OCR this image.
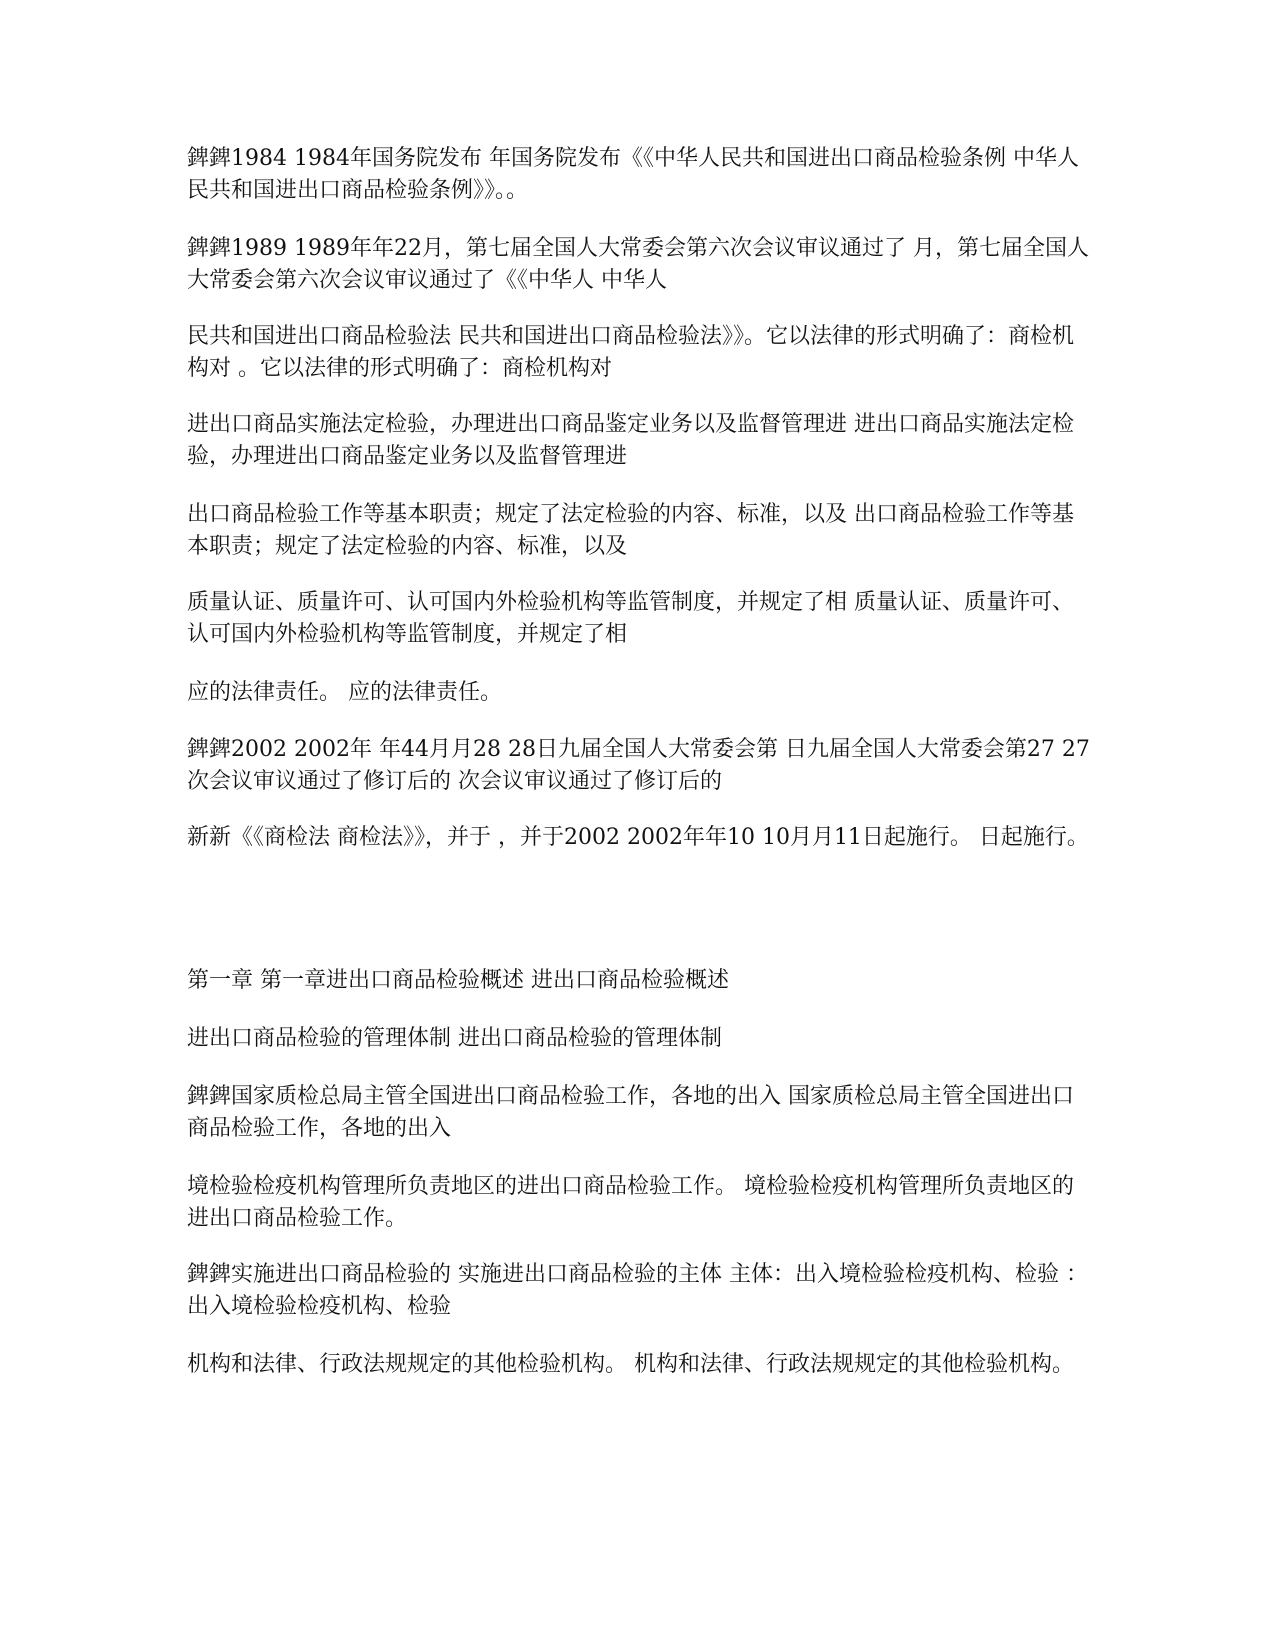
錍錍1984 1984年国务院发布 年国务院发布《《中华人民共和国进出口商品检验条例 中华人民共和国进出口商品检验条例》》。。

錍錍1989 1989年年22月，第七届全国人大常委会第六次会议审议通过了 月，第七届全国人大常委会第六次会议审议通过了《《中华人 中华人

民共和国进出口商品检验法 民共和国进出口商品检验法》》。它以法律的形式明确了：商检机构对 。它以法律的形式明确了：商检机构对

进出口商品实施法定检验，办理进出口商品鉴定业务以及监督管理进 进出口商品实施法定检验，办理进出口商品鉴定业务以及监督管理进

出口商品检验工作等基本职责；规定了法定检验的内容、标准，以及 出口商品检验工作等基本职责；规定了法定检验的内容、标准，以及

质量认证、质量许可、认可国内外检验机构等监管制度，并规定了相 质量认证、质量许可、认可国内外检验机构等监管制度，并规定了相

应的法律责任。 应的法律责任。

錍錍2002 2002年 年44月月28 28日九届全国人大常委会第 日九届全国人大常委会第27 27次会议审议通过了修订后的 次会议审议通过了修订后的

新新《《商检法 商检法》》，并于 ，并于2002 2002年年10 10月月11日起施行。 日起施行。

第一章 第一章进出口商品检验概述 进出口商品检验概述

进出口商品检验的管理体制 进出口商品检验的管理体制

錍錍国家质检总局主管全国进出口商品检验工作，各地的出入 国家质检总局主管全国进出口商品检验工作，各地的出入

境检验检疫机构管理所负责地区的进出口商品检验工作。 境检验检疫机构管理所负责地区的进出口商品检验工作。

錍錍实施进出口商品检验的 实施进出口商品检验的主体 主体：出入境检验检疫机构、检验 ：出入境检验检疫机构、检验

机构和法律、行政法规规定的其他检验机构。 机构和法律、行政法规规定的其他检验机构。
